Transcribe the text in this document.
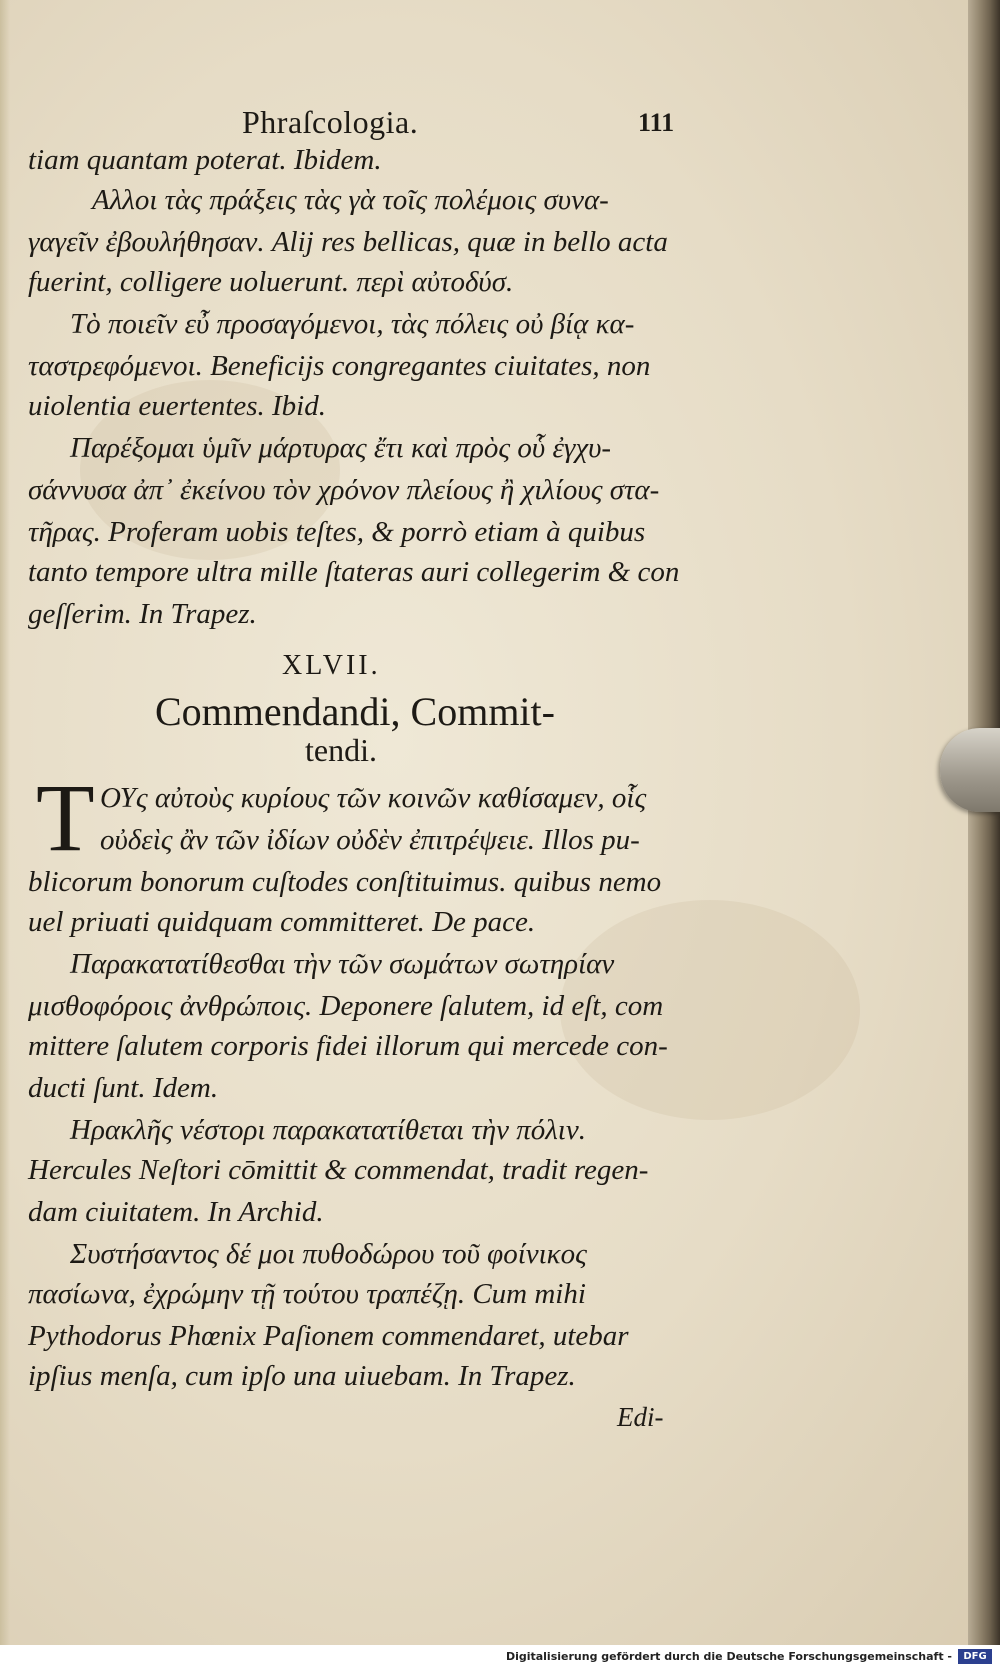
Phraſcologia.	111
tiam quantam poterat. Ibidem.
Αλλοι τὰς πράξεις τὰς γὰ τοῖς πολέμοις συνα-
γαγεῖν ἐβουλήθησαν. Alij res bellicas, quæ in bello acta
fuerint, colligere uoluerunt. περὶ αὐτοδύσ.
Τὸ ποιεῖν εὖ προσαγόμενοι, τὰς πόλεις οὐ βίᾳ κα-
ταστρεφόμενοι. Beneficijs congregantes ciuitates, non
uiolentia euertentes. Ibid.
Παρέξομαι ὑμῖν μάρτυρας ἔτι καὶ πρὸς οὗ ἐγχυ-
σάννυσα ἀπ᾽ ἐκείνου τὸν χρόνον πλείους ἢ χιλίους στα-
τῆρας. Proferam uobis teſtes, & porrò etiam à quibus
tanto tempore ultra mille ſtateras auri collegerim & con
geſſerim. In Trapez.
XLVII.
Commendandi, Commit-
tendi.
T ΟΥς αὐτοὺς κυρίους τῶν κοινῶν καθίσαμεν, οἷς
οὐδεὶς ἂν τῶν ἰδίων οὐδὲν ἐπιτρέψειε. Illos pu-
blicorum bonorum cuſtodes conſtituimus. quibus nemo
uel priuati quidquam committeret. De pace.
Παρακατατίθεσθαι τὴν τῶν σωμάτων σωτηρίαν
μισθοφόροις ἀνθρώποις. Deponere ſalutem, id eſt, com
mittere ſalutem corporis fidei illorum qui mercede con-
ducti ſunt. Idem.
Ηρακλῆς νέστορι παρακατατίθεται τὴν πόλιν.
Hercules Neſtori cōmittit & commendat, tradit regen-
dam ciuitatem. In Archid.
Συστήσαντος δέ μοι πυθοδώρου τοῦ φοίνικος
πασίωνα, ἐχρώμην τῇ τούτου τραπέζῃ. Cum mihi
Pythodorus Phœnix Paſionem commendaret, utebar
ipſius menſa, cum ipſo una uiuebam. In Trapez.
Edi-
Digitalisierung gefördert durch die Deutsche Forschungsgemeinschaft -	DFG
